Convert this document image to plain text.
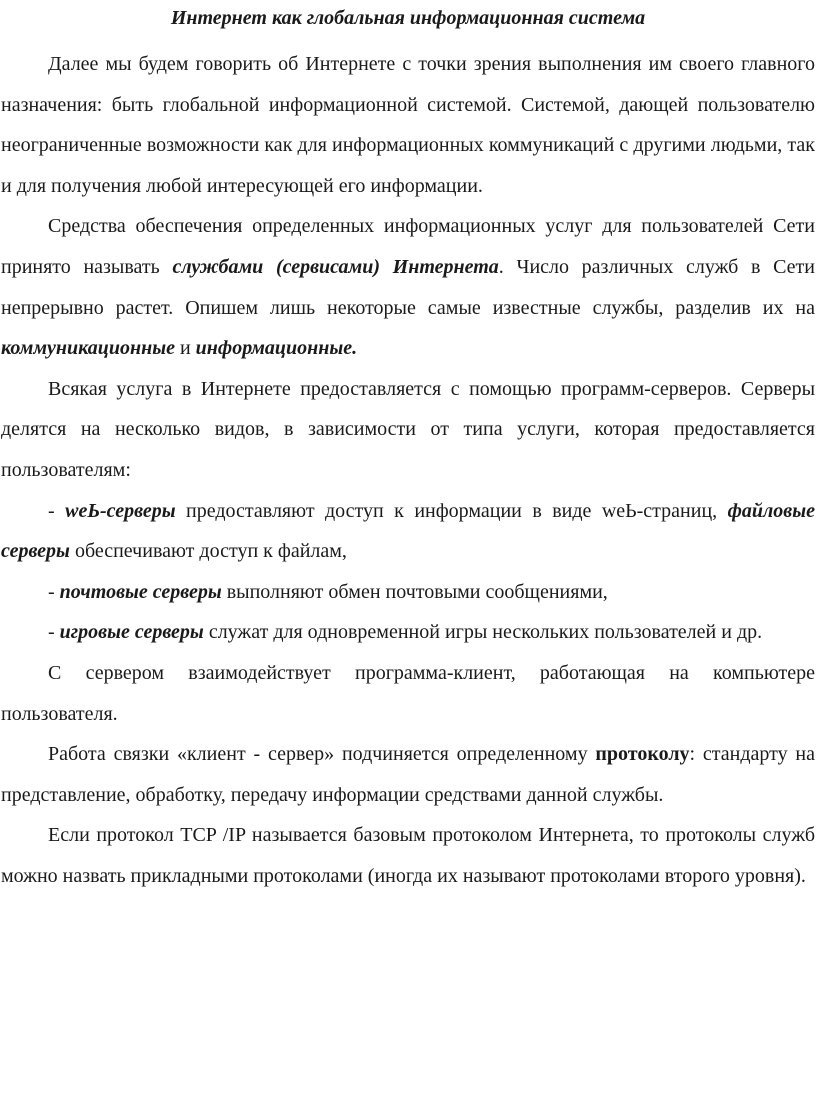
Интернет как глобальная информационная система

Далее мы будем говорить об Интернете с точки зрения выполнения им своего главного назначения: быть глобальной информационной системой. Системой, дающей пользователю неограниченные возможности как для информационных коммуникаций с другими людьми, так и для получения любой интересующей его информации.

Средства обеспечения определенных информационных услуг для пользователей Сети принято называть службами (сервисами) Интернета. Число различных служб в Сети непрерывно растет. Опишем лишь некоторые самые известные службы, разделив их на коммуникационные и информационные.

Всякая услуга в Интернете предоставляется с помощью программ-серверов. Серверы делятся на несколько видов, в зависимости от типа услуги, которая предоставляется пользователям:

- weЬ-серверы предоставляют доступ к информации в виде weЬ-страниц, файловые серверы обеспечивают доступ к файлам,

- почтовые серверы выполняют обмен почтовыми сообщениями,

- игровые серверы служат для одновременной игры нескольких пользователей и др.

С сервером взаимодействует программа-клиент, работающая на компьютере пользователя.

Работа связки «клиент - сервер» подчиняется определенному протоколу: стандарту на представление, обработку, передачу информации средствами данной службы.

Если протокол TCP /IP называется базовым протоколом Интернета, то протоколы служб можно назвать прикладными протоколами (иногда их называют протоколами второго уровня).
